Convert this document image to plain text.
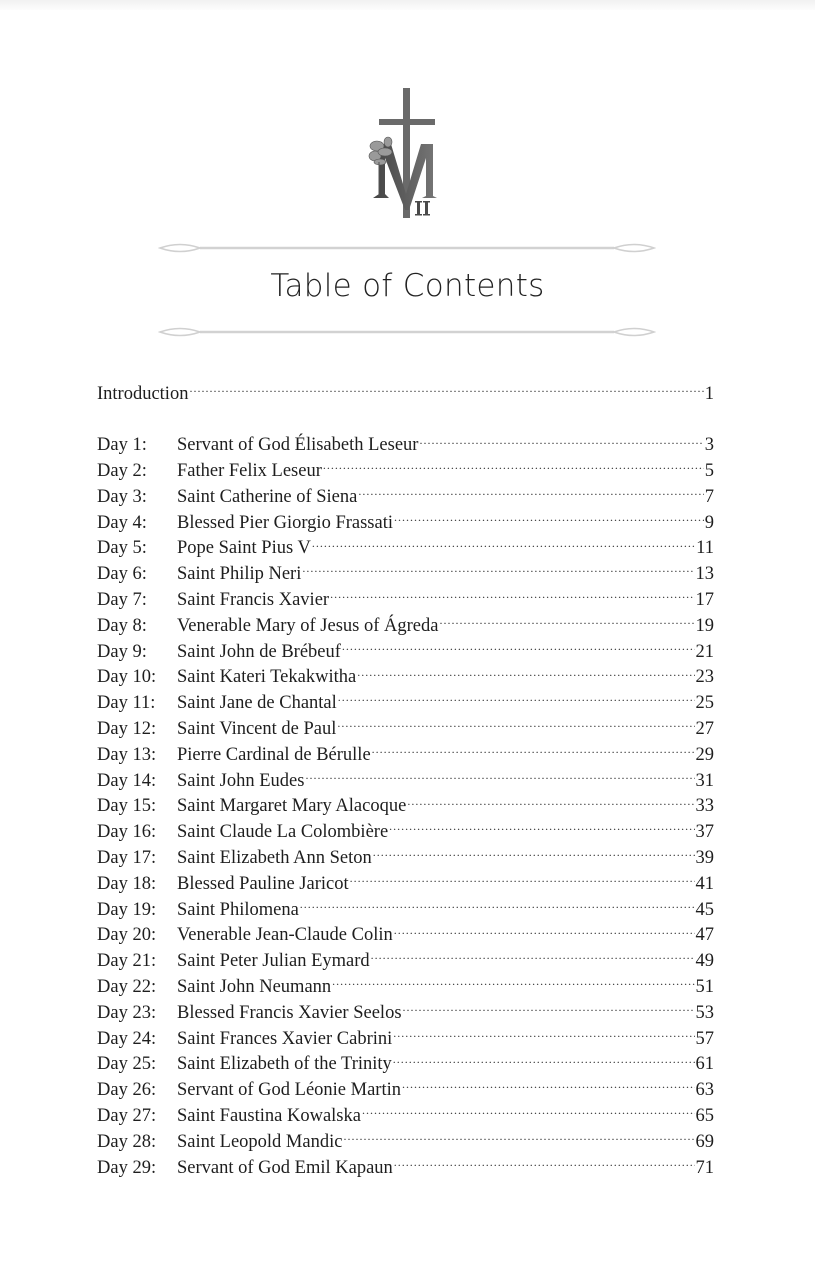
Table of Contents
Introduction .....	1
Day 1:	Servant of God Élisabeth Leseur .....	3
Day 2:	Father Felix Leseur .....	5
Day 3:	Saint Catherine of Siena .....	7
Day 4:	Blessed Pier Giorgio Frassati .....	9
Day 5:	Pope Saint Pius V .....	11
Day 6:	Saint Philip Neri .....	13
Day 7:	Saint Francis Xavier .....	17
Day 8:	Venerable Mary of Jesus of Ágreda .....	19
Day 9:	Saint John de Brébeuf .....	21
Day 10:	Saint Kateri Tekakwitha .....	23
Day 11:	Saint Jane de Chantal .....	25
Day 12:	Saint Vincent de Paul .....	27
Day 13:	Pierre Cardinal de Bérulle .....	29
Day 14:	Saint John Eudes .....	31
Day 15:	Saint Margaret Mary Alacoque .....	33
Day 16:	Saint Claude La Colombière .....	37
Day 17:	Saint Elizabeth Ann Seton .....	39
Day 18:	Blessed Pauline Jaricot .....	41
Day 19:	Saint Philomena .....	45
Day 20:	Venerable Jean-Claude Colin .....	47
Day 21:	Saint Peter Julian Eymard .....	49
Day 22:	Saint John Neumann .....	51
Day 23:	Blessed Francis Xavier Seelos .....	53
Day 24:	Saint Frances Xavier Cabrini .....	57
Day 25:	Saint Elizabeth of the Trinity .....	61
Day 26:	Servant of God Léonie Martin .....	63
Day 27:	Saint Faustina Kowalska .....	65
Day 28:	Saint Leopold Mandic .....	69
Day 29:	Servant of God Emil Kapaun .....	71
